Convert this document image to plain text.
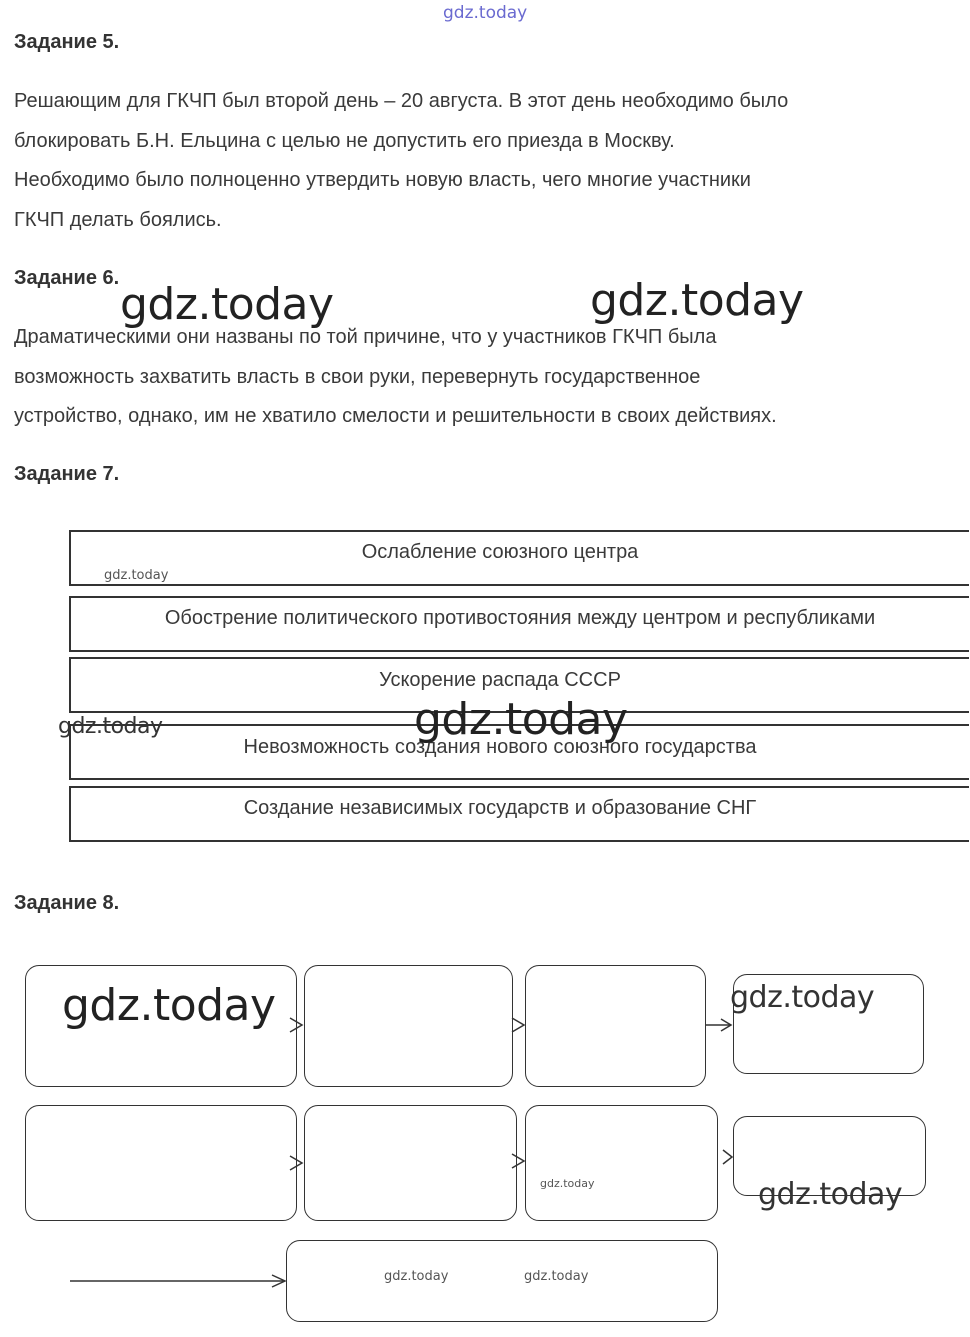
gdz.today
Задание 5.
Решающим для ГКЧП был второй день – 20 августа. В этот день необходимо было
блокировать Б.Н. Ельцина с целью не допустить его приезда в Москву.
Необходимо было полноценно утвердить новую власть, чего многие участники
ГКЧП делать боялись.
Задание 6.
gdz.today	gdz.today
Драматическими они названы по той причине, что у участников ГКЧП была
возможность захватить власть в свои руки, перевернуть государственное
устройство, однако, им не хватило смелости и решительности в своих действиях.
Задание 7.
Ослабление союзного центра
gdz.today
Обострение политического противостояния между центром и республиками
Ускорение распада СССР
Невозможность создания нового союзного государства
Создание независимых государств и образование СНГ
gdz.today
gdz.today
Задание 8.
gdz.today	gdz.today
gdz.today	gdz.today
gdz.today	gdz.today
